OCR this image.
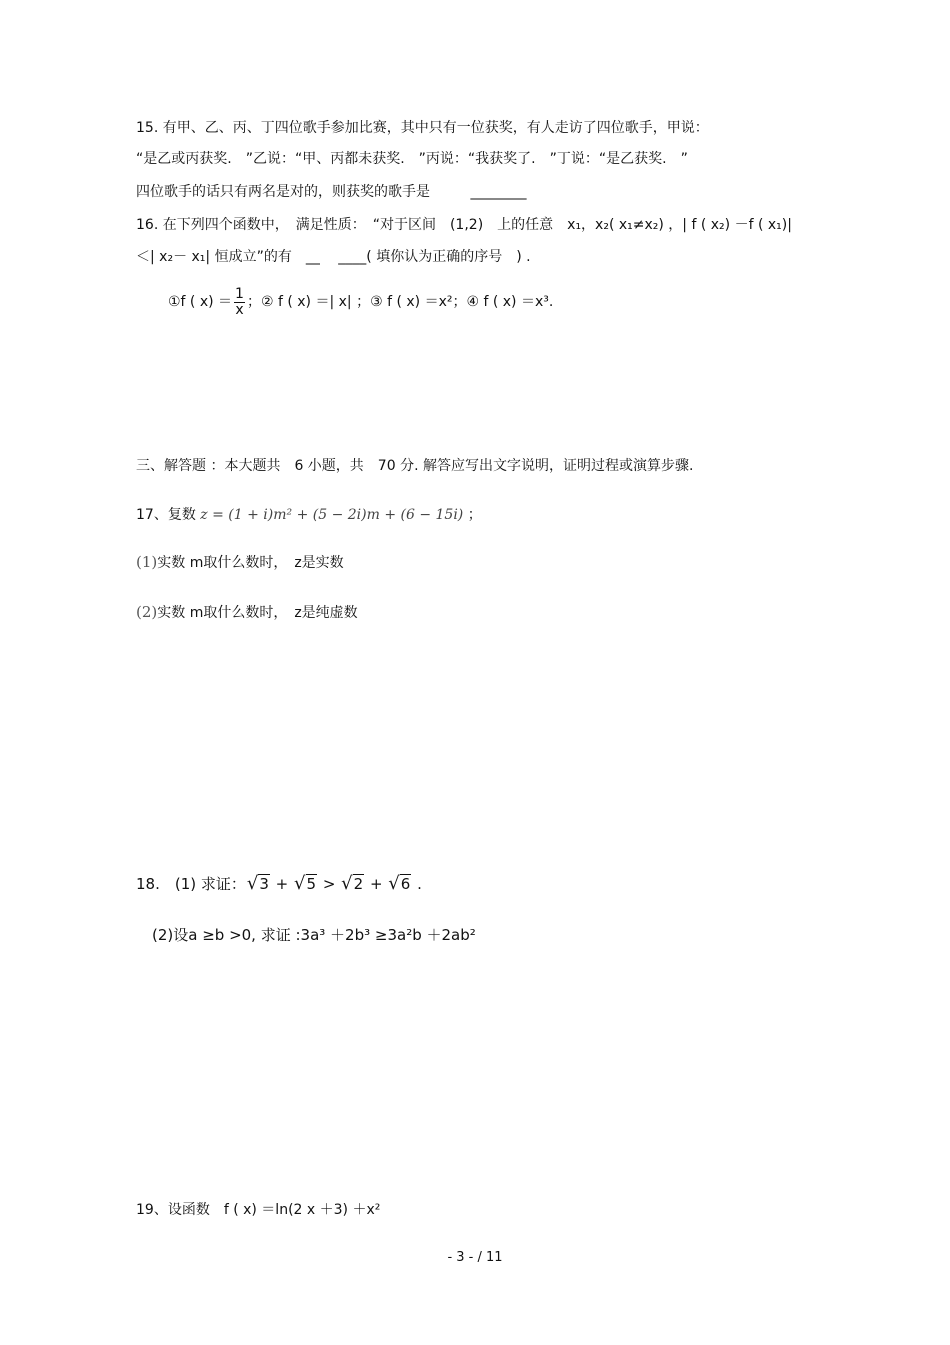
15. 有甲、乙、丙、丁四位歌手参加比赛，其中只有一位获奖，有人走访了四位歌手，甲说：
“是乙或丙获奖.　”乙说：“甲、丙都未获奖.　”丙说：“我获奖了.　”丁说：“是乙获奖.　”
四位歌手的话只有两名是对的，则获奖的歌手是	________
16. 在下列四个函数中，　满足性质：　“对于区间　(1,2)　上的任意　x₁，x₂( x₁≠x₂) ，| f ( x₂) －f ( x₁)|
＜| x₂－ x₁| 恒成立”的有　__　 ____( 填你认为正确的序号　) .
①f ( $x) = \frac{1}{x}$ ；② f ( x) ＝| x| ；③ f ( x) ＝x²；④ f ( x) ＝x³.
三、解答题 ：本大题共　6 小题，共　70 分. 解答应写出文字说明，证明过程或演算步骤.
17、复数 z = (1 + i)m² + (5 − 2i)m + (6 − 15i) ；
(1)实数 m取什么数时，　z是实数
(2)实数 m取什么数时，　z是纯虚数
18.　(1) 求证：√3 + √5 > √2 + √6 .
(2)设a ≥b >0, 求证 :3a³ ＋2b³ ≥3a²b ＋2ab²
19、设函数　f ( x) ＝ln(2 x ＋3) ＋x²
- 3 - / 11
